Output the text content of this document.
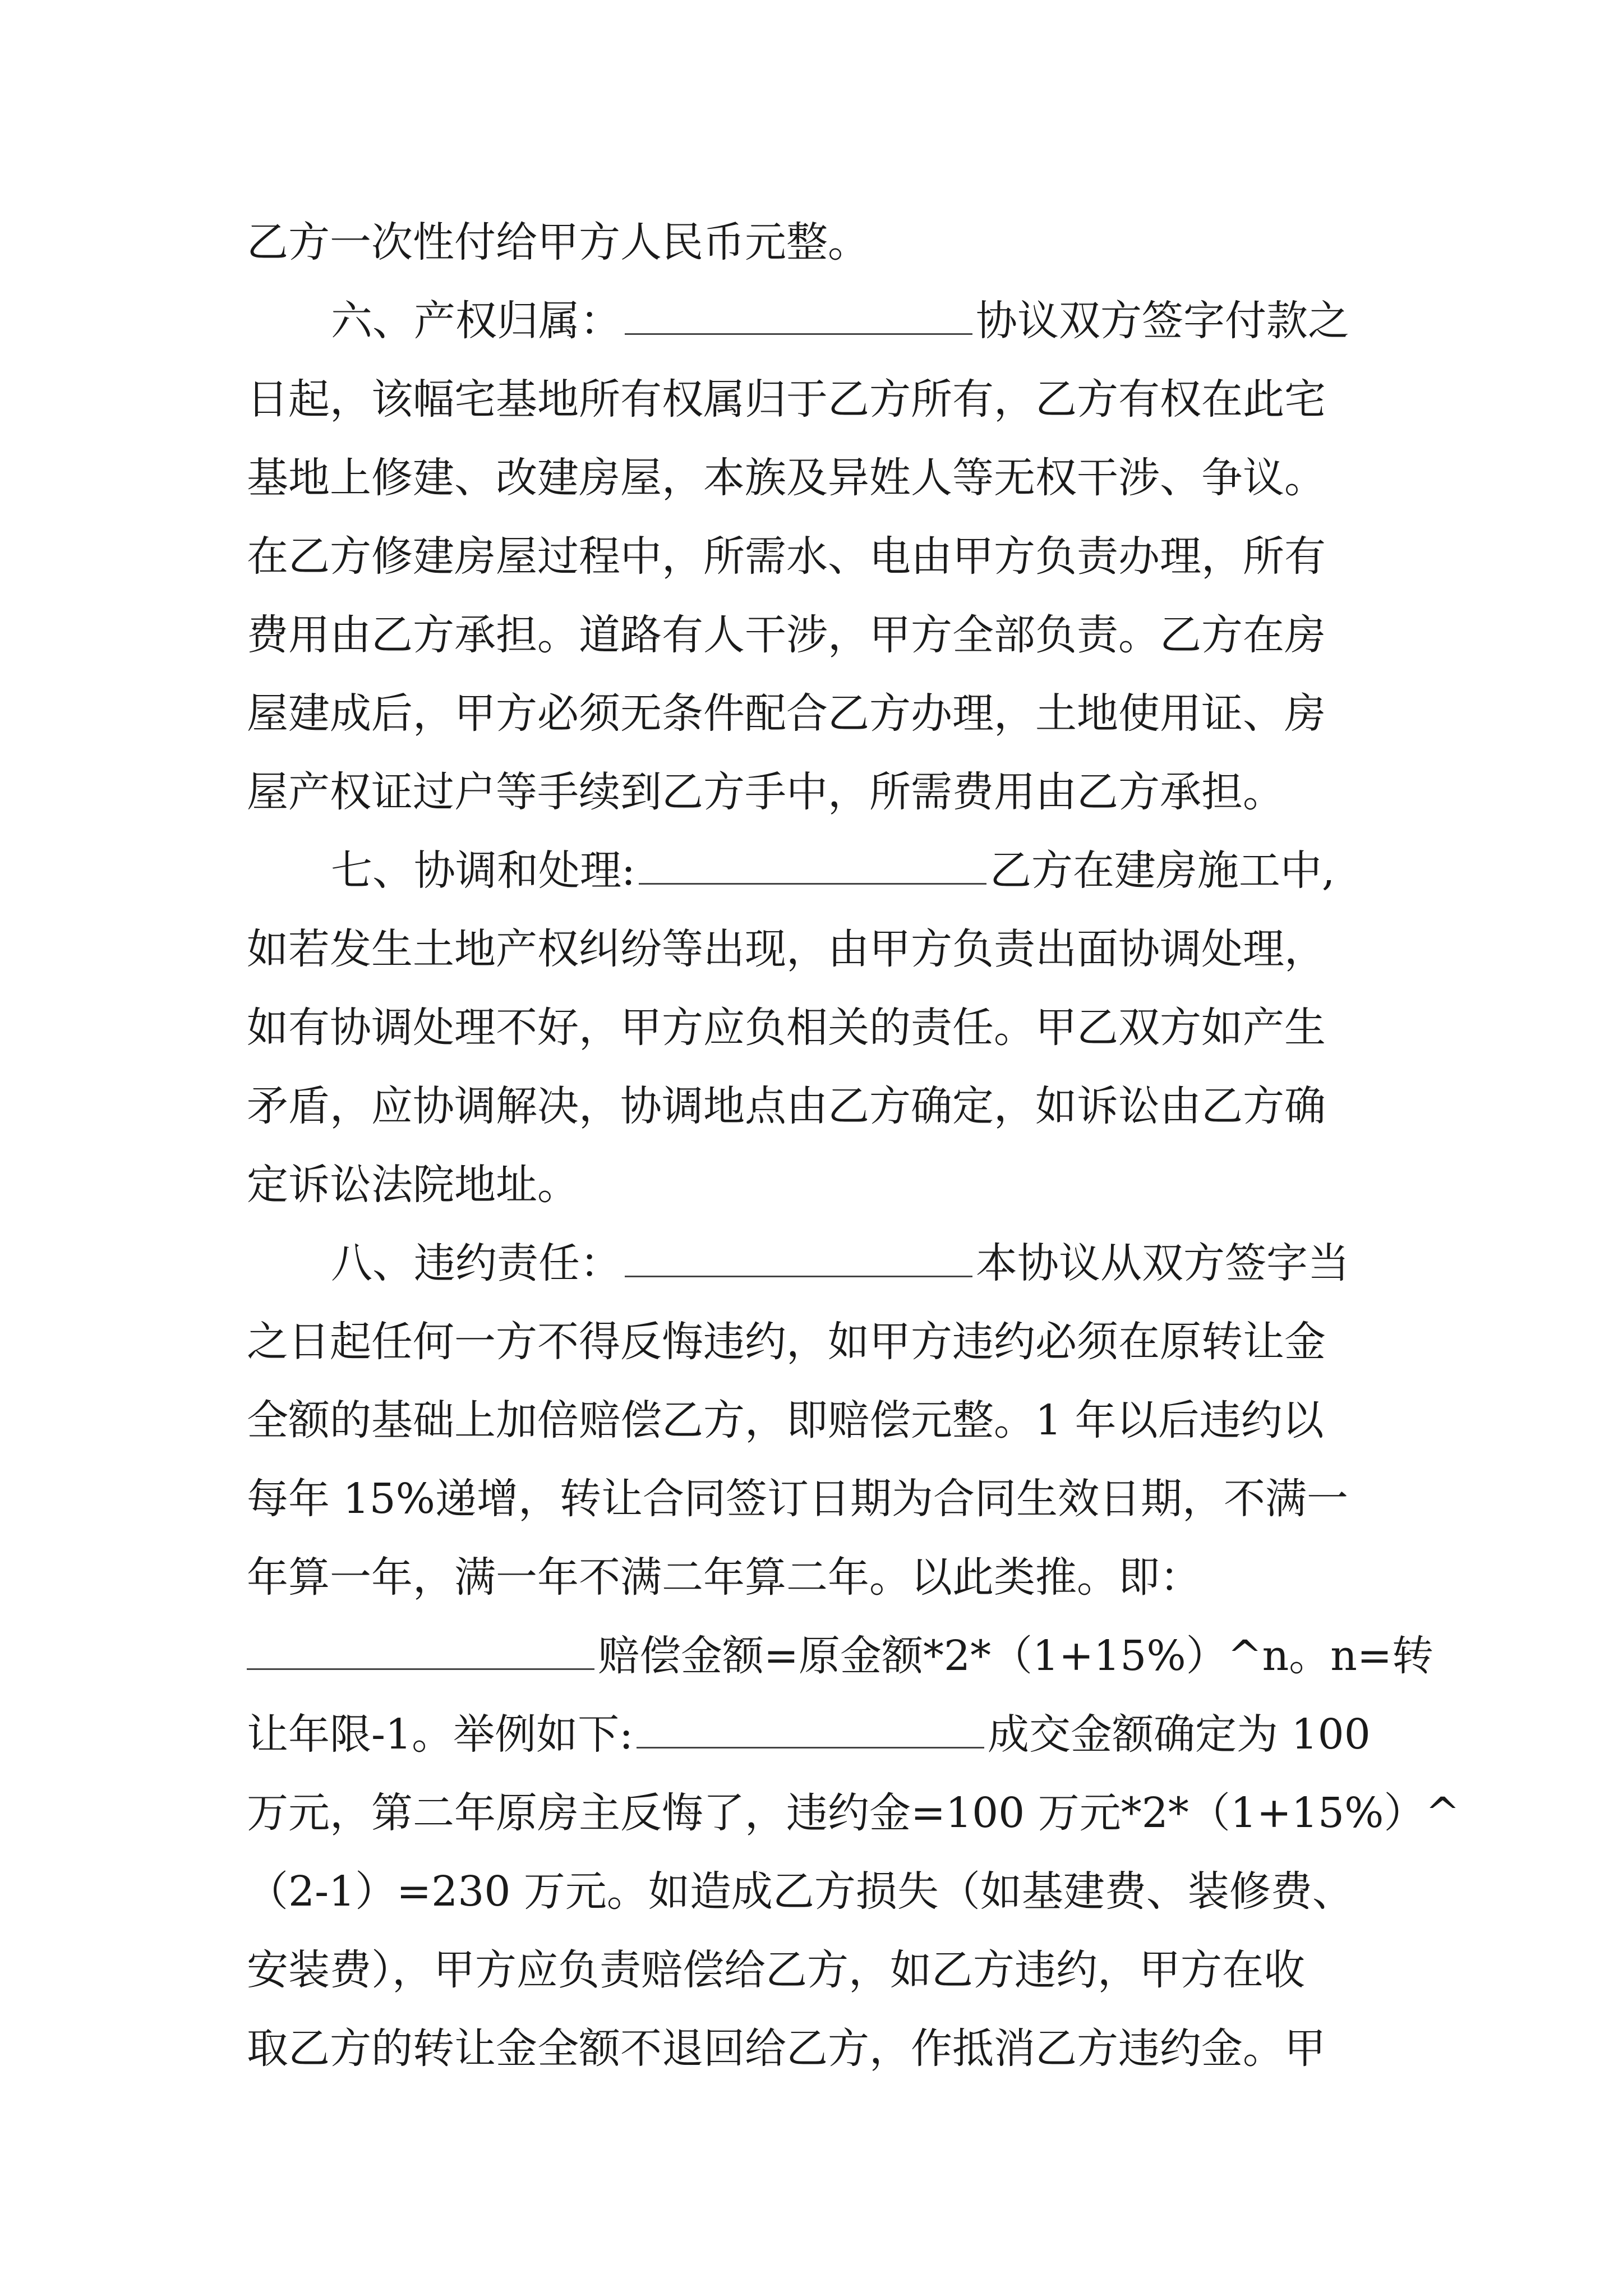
乙方一次性付给甲方人民币元整。
六、产权归属：	协议双方签字付款之
日起，该幅宅基地所有权属归于乙方所有，乙方有权在此宅
基地上修建、改建房屋，本族及异姓人等无权干涉、争议。
在乙方修建房屋过程中，所需水、电由甲方负责办理，所有
费用由乙方承担。道路有人干涉，甲方全部负责。乙方在房
屋建成后，甲方必须无条件配合乙方办理，土地使用证、房
屋产权证过户等手续到乙方手中，所需费用由乙方承担。
七、协调和处理:	乙方在建房施工中,
如若发生土地产权纠纷等出现，由甲方负责出面协调处理，
如有协调处理不好，甲方应负相关的责任。甲乙双方如产生
矛盾，应协调解决，协调地点由乙方确定，如诉讼由乙方确
定诉讼法院地址。
八、违约责任：	本协议从双方签字当
之日起任何一方不得反悔违约，如甲方违约必须在原转让金
全额的基础上加倍赔偿乙方，即赔偿元整。1 年以后违约以
每年 15%递增，转让合同签订日期为合同生效日期，不满一
年算一年，满一年不满二年算二年。以此类推。即：
赔偿金额=原金额*2*（1+15%）^n。n=转
让年限-1。举例如下:	成交金额确定为 100
万元，第二年原房主反悔了，违约金=100 万元*2*（1+15%）^
（2-1）=230 万元。如造成乙方损失（如基建费、装修费、
安装费），甲方应负责赔偿给乙方，如乙方违约，甲方在收
取乙方的转让金全额不退回给乙方，作抵消乙方违约金。甲
